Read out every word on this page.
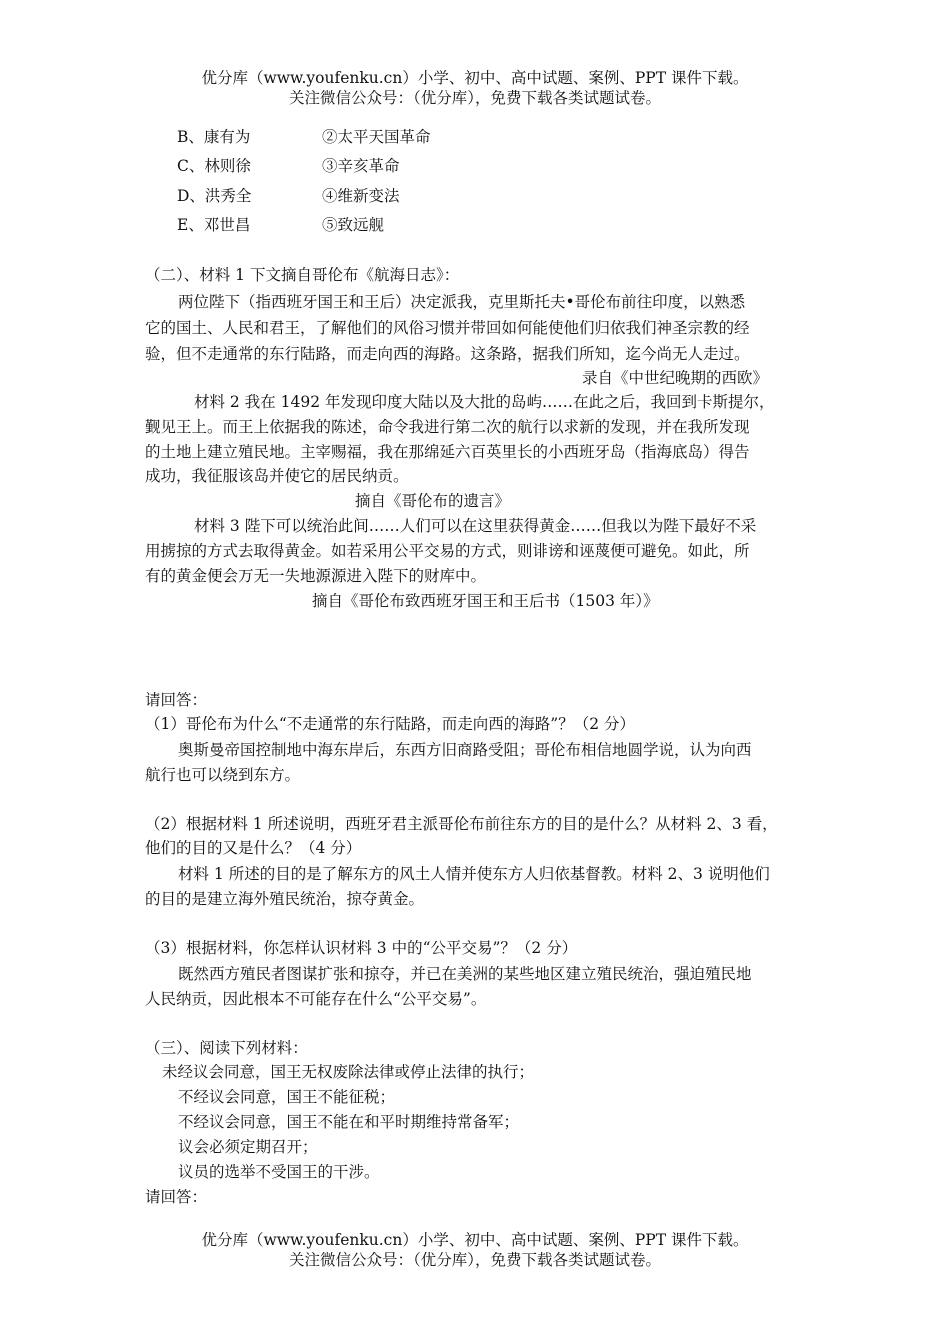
优分库（www.youfenku.cn）小学、初中、高中试题、案例、PPT 课件下载。
关注微信公众号：（优分库），免费下载各类试题试卷。
B、康有为	②太平天国革命
C、林则徐	③辛亥革命
D、洪秀全	④维新变法
E、邓世昌	⑤致远舰
（二）、材料 1 下文摘自哥伦布《航海日志》：
两位陛下（指西班牙国王和王后）决定派我，克里斯托夫•哥伦布前往印度，以熟悉
它的国土、人民和君王，了解他们的风俗习惯并带回如何能使他们归依我们神圣宗教的经
验，但不走通常的东行陆路，而走向西的海路。这条路，据我们所知，迄今尚无人走过。
录自《中世纪晚期的西欧》
材料 2 我在 1492 年发现印度大陆以及大批的岛屿……在此之后，我回到卡斯提尔，
觐见王上。而王上依据我的陈述，命令我进行第二次的航行以求新的发现，并在我所发现
的土地上建立殖民地。主宰赐福，我在那绵延六百英里长的小西班牙岛（指海底岛）得告
成功，我征服该岛并使它的居民纳贡。
摘自《哥伦布的遗言》
材料 3 陛下可以统治此间……人们可以在这里获得黄金……但我以为陛下最好不采
用掳掠的方式去取得黄金。如若采用公平交易的方式，则诽谤和诬蔑便可避免。如此，所
有的黄金便会万无一失地源源进入陛下的财库中。
摘自《哥伦布致西班牙国王和王后书（1503 年）》
请回答：
（1）哥伦布为什么“不走通常的东行陆路，而走向西的海路”？（2 分）
奥斯曼帝国控制地中海东岸后，东西方旧商路受阻；哥伦布相信地圆学说，认为向西
航行也可以绕到东方。
（2）根据材料 1 所述说明，西班牙君主派哥伦布前往东方的目的是什么？从材料 2、3 看，
他们的目的又是什么？（4 分）
材料 1 所述的目的是了解东方的风土人情并使东方人归依基督教。材料 2、3 说明他们
的目的是建立海外殖民统治，掠夺黄金。
（3）根据材料，你怎样认识材料 3 中的“公平交易”？（2 分）
既然西方殖民者图谋扩张和掠夺，并已在美洲的某些地区建立殖民统治，强迫殖民地
人民纳贡，因此根本不可能存在什么“公平交易”。
（三）、阅读下列材料：
未经议会同意，国王无权废除法律或停止法律的执行；
不经议会同意，国王不能征税；
不经议会同意，国王不能在和平时期维持常备军；
议会必须定期召开；
议员的选举不受国王的干涉。
请回答：
优分库（www.youfenku.cn）小学、初中、高中试题、案例、PPT 课件下载。
关注微信公众号：（优分库），免费下载各类试题试卷。
